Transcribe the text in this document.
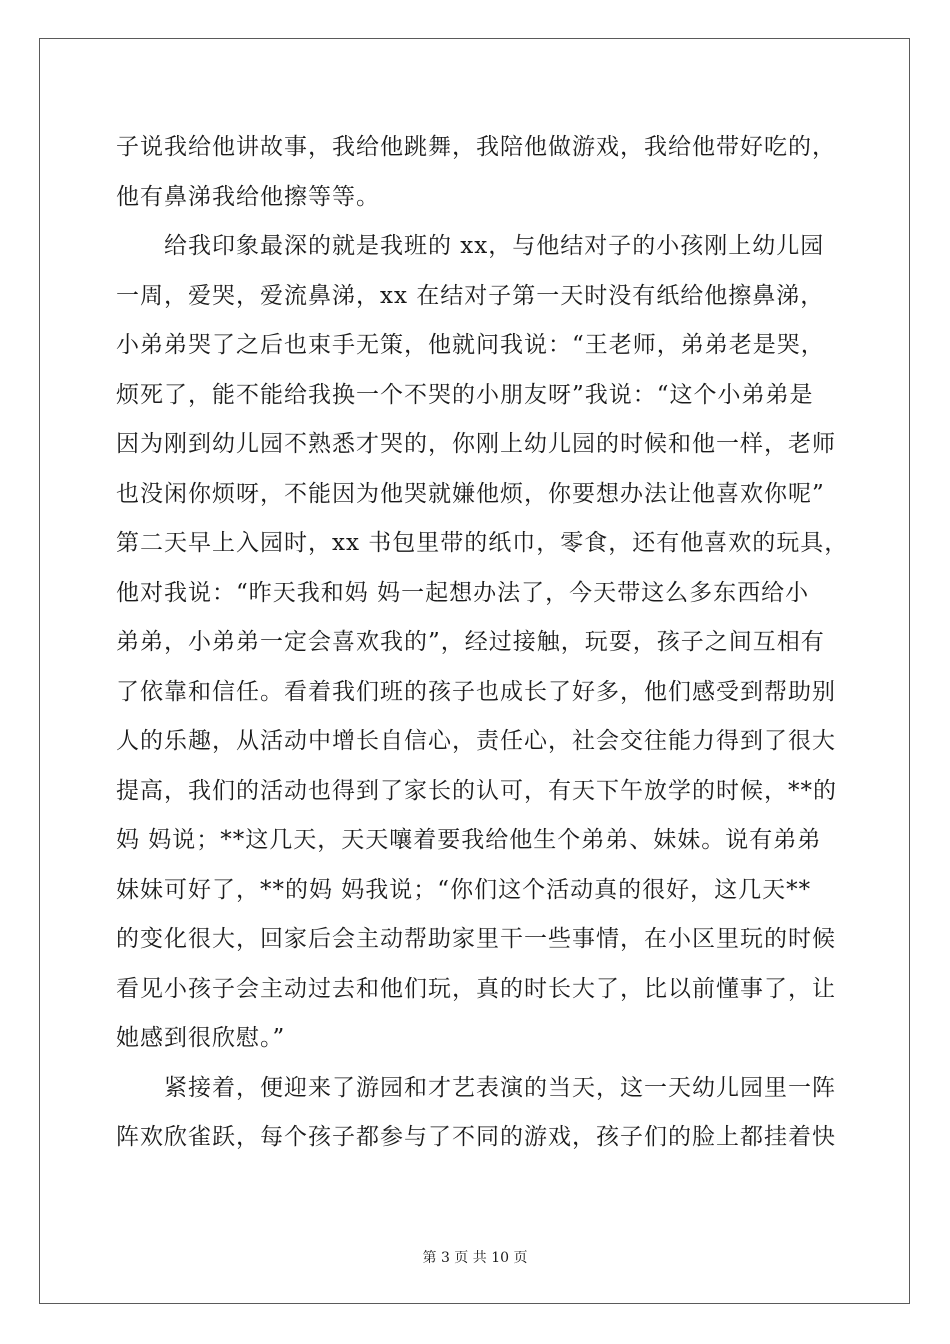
子说我给他讲故事，我给他跳舞，我陪他做游戏，我给他带好吃的，
他有鼻涕我给他擦等等。
给我印象最深的就是我班的 xx，与他结对子的小孩刚上幼儿园
一周，爱哭，爱流鼻涕，xx 在结对子第一天时没有纸给他擦鼻涕，
小弟弟哭了之后也束手无策，他就问我说：“王老师，弟弟老是哭，
烦死了，能不能给我换一个不哭的小朋友呀”我说：“这个小弟弟是
因为刚到幼儿园不熟悉才哭的，你刚上幼儿园的时候和他一样，老师
也没闲你烦呀，不能因为他哭就嫌他烦，你要想办法让他喜欢你呢”
第二天早上入园时，xx 书包里带的纸巾，零食，还有他喜欢的玩具，
他对我说：“昨天我和妈 妈一起想办法了，今天带这么多东西给小
弟弟，小弟弟一定会喜欢我的”，经过接触，玩耍，孩子之间互相有
了依靠和信任。看着我们班的孩子也成长了好多，他们感受到帮助别
人的乐趣，从活动中增长自信心，责任心，社会交往能力得到了很大
提高，我们的活动也得到了家长的认可，有天下午放学的时候，**的
妈 妈说；**这几天，天天嚷着要我给他生个弟弟、妹妹。说有弟弟
妹妹可好了，**的妈 妈我说；“你们这个活动真的很好，这几天**
的变化很大，回家后会主动帮助家里干一些事情，在小区里玩的时候
看见小孩子会主动过去和他们玩，真的时长大了，比以前懂事了，让
她感到很欣慰。”
紧接着，便迎来了游园和才艺表演的当天，这一天幼儿园里一阵
阵欢欣雀跃，每个孩子都参与了不同的游戏，孩子们的脸上都挂着快
第 3 页 共 10 页
